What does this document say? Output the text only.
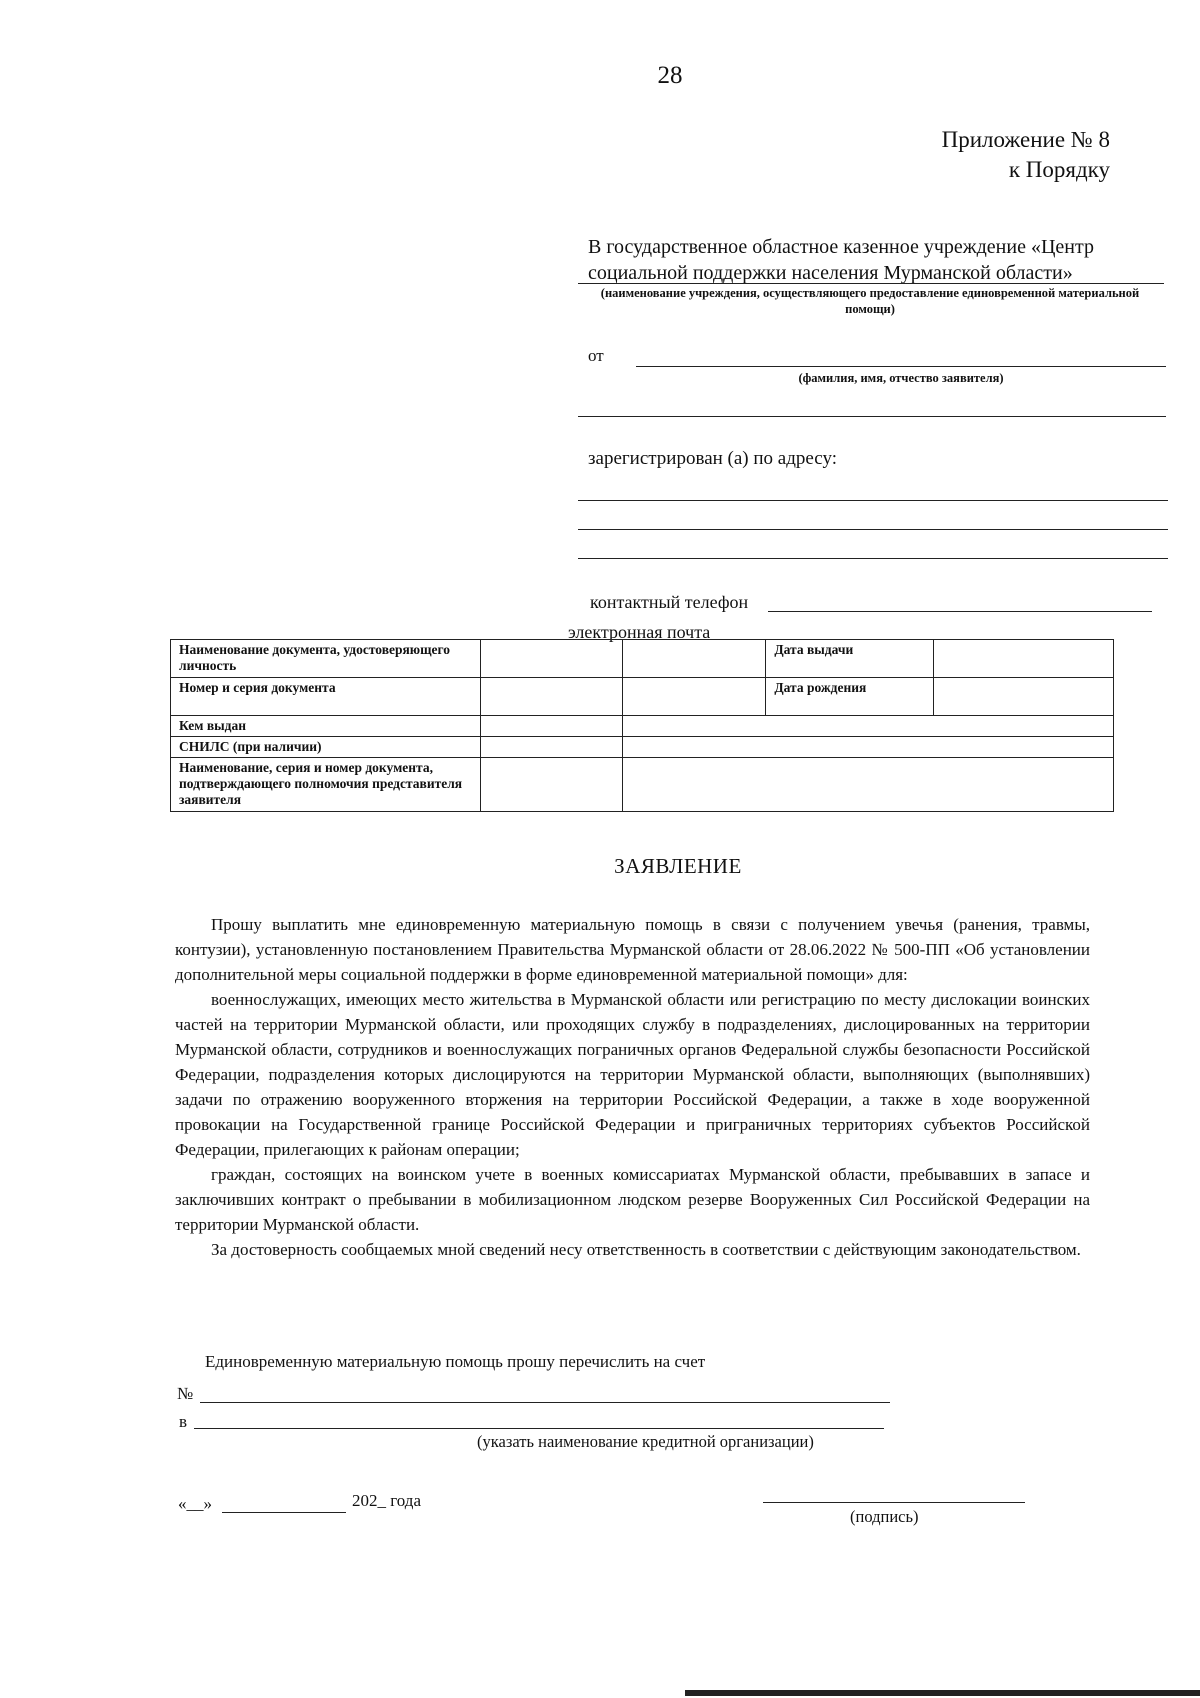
28
Приложение № 8
к Порядку
В государственное областное казенное учреждение «Центр социальной поддержки населения Мурманской области»
(наименование учреждения, осуществляющего предоставление единовременной материальной помощи)
от
(фамилия, имя, отчество заявителя)
зарегистрирован (а) по адресу:
контактный телефон
электронная почта
Наименование документа, удостоверяющего личность			Дата выдачи	
Номер и серия документа			Дата рождения	
Кем выдан				
СНИЛС (при наличии)				
Наименование, серия и номер документа, подтверждающего полномочия представителя заявителя				
ЗАЯВЛЕНИЕ

Прошу выплатить мне единовременную материальную помощь в связи с получением увечья (ранения, травмы, контузии), установленную постановлением Правительства Мурманской области от 28.06.2022 № 500-ПП «Об установлении дополнительной меры социальной поддержки в форме единовременной материальной помощи» для:

военнослужащих, имеющих место жительства в Мурманской области или регистрацию по месту дислокации воинских частей на территории Мурманской области, или проходящих службу в подразделениях, дислоцированных на территории Мурманской области, сотрудников и военнослужащих пограничных органов Федеральной службы безопасности Российской Федерации, подразделения которых дислоцируются на территории Мурманской области, выполняющих (выполнявших) задачи по отражению вооруженного вторжения на территории Российской Федерации, а также в ходе вооруженной провокации на Государственной границе Российской Федерации и приграничных территориях субъектов Российской Федерации, прилегающих к районам операции;

граждан, состоящих на воинском учете в военных комиссариатах Мурманской области, пребывавших в запасе и заключивших контракт о пребывании в мобилизационном людском резерве Вооруженных Сил Российской Федерации на территории Мурманской области.

За достоверность сообщаемых мной сведений несу ответственность в соответствии с действующим законодательством.

Единовременную материальную помощь прошу перечислить на счет
№
в
(указать наименование кредитной организации)
«__»	202_ года
(подпись)
